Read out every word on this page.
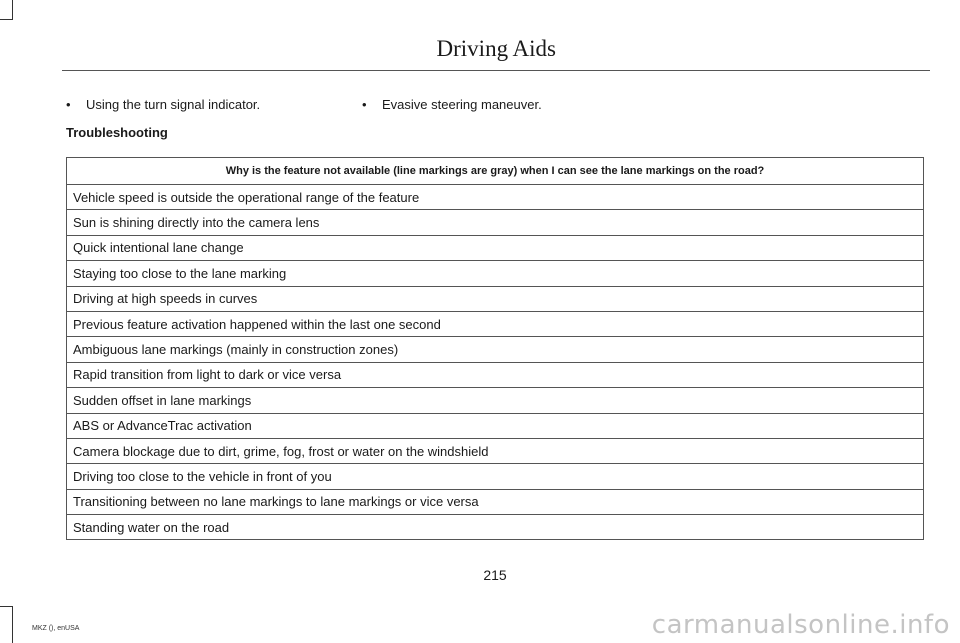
Driving Aids
• Using the turn signal indicator.	• Evasive steering maneuver.
Troubleshooting
Why is the feature not available (line markings are gray) when I can see the lane markings on the road?
Vehicle speed is outside the operational range of the feature
Sun is shining directly into the camera lens
Quick intentional lane change
Staying too close to the lane marking
Driving at high speeds in curves
Previous feature activation happened within the last one second
Ambiguous lane markings (mainly in construction zones)
Rapid transition from light to dark or vice versa
Sudden offset in lane markings
ABS or AdvanceTrac activation
Camera blockage due to dirt, grime, fog, frost or water on the windshield
Driving too close to the vehicle in front of you
Transitioning between no lane markings to lane markings or vice versa
Standing water on the road
215
MKZ (), enUSA	carmanualsonline.info
